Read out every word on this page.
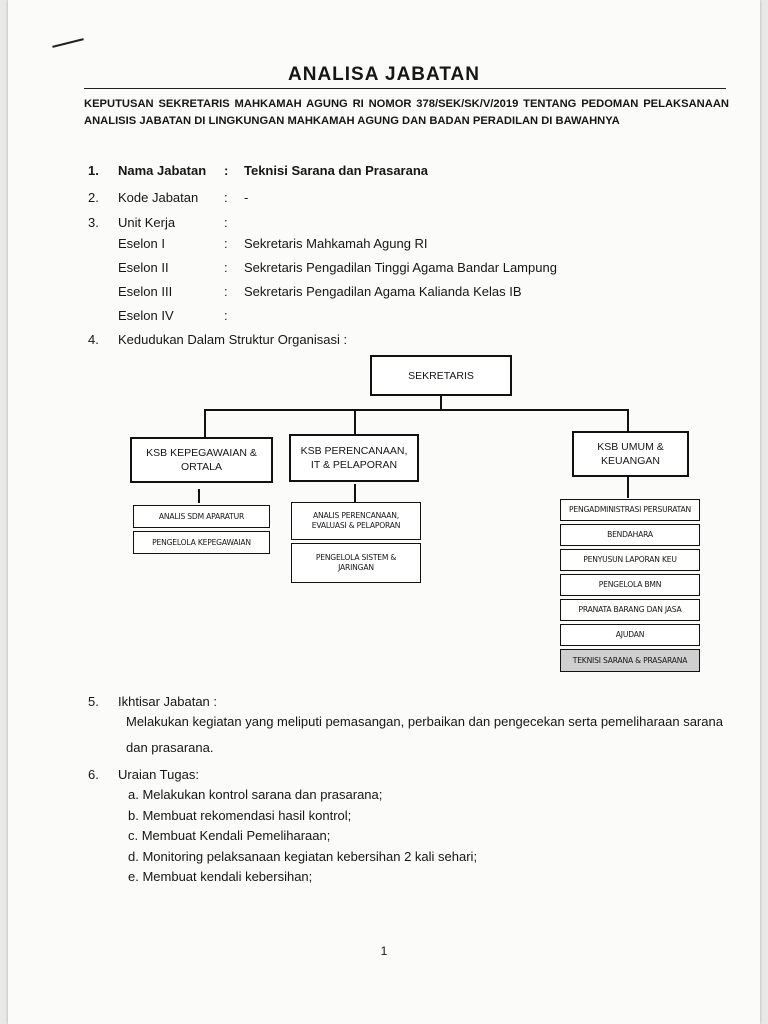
ANALISA JABATAN
KEPUTUSAN SEKRETARIS MAHKAMAH AGUNG RI NOMOR 378/SEK/SK/V/2019 TENTANG PEDOMAN PELAKSANAAN ANALISIS JABATAN DI LINGKUNGAN MAHKAMAH AGUNG DAN BADAN PERADILAN DI BAWAHNYA
1. Nama Jabatan : Teknisi Sarana dan Prasarana
2. Kode Jabatan : -
3. Unit Kerja	:
Eselon I	: Sekretaris Mahkamah Agung RI
Eselon II	: Sekretaris Pengadilan Tinggi Agama Bandar Lampung
Eselon III	: Sekretaris Pengadilan Agama Kalianda Kelas IB
Eselon IV	:
4. Kedudukan Dalam Struktur Organisasi :
SEKRETARIS
KSB KEPEGAWAIAN & ORTALA
KSB PERENCANAAN, IT & PELAPORAN
KSB UMUM & KEUANGAN
ANALIS SDM APARATUR
PENGELOLA KEPEGAWAIAN
ANALIS PERENCANAAN, EVALUASI & PELAPORAN
PENGELOLA SISTEM & JARINGAN
PENGADMINISTRASI PERSURATAN
BENDAHARA
PENYUSUN LAPORAN KEU
PENGELOLA BMN
PRANATA BARANG DAN JASA
AJUDAN
TEKNISI SARANA & PRASARANA
5. Ikhtisar Jabatan :
Melakukan kegiatan yang meliputi pemasangan, perbaikan dan pengecekan serta pemeliharaan sarana dan prasarana.
6. Uraian Tugas:
a. Melakukan kontrol sarana dan prasarana;
b. Membuat rekomendasi hasil kontrol;
c. Membuat Kendali Pemeliharaan;
d. Monitoring pelaksanaan kegiatan kebersihan 2 kali sehari;
e. Membuat kendali kebersihan;
1
